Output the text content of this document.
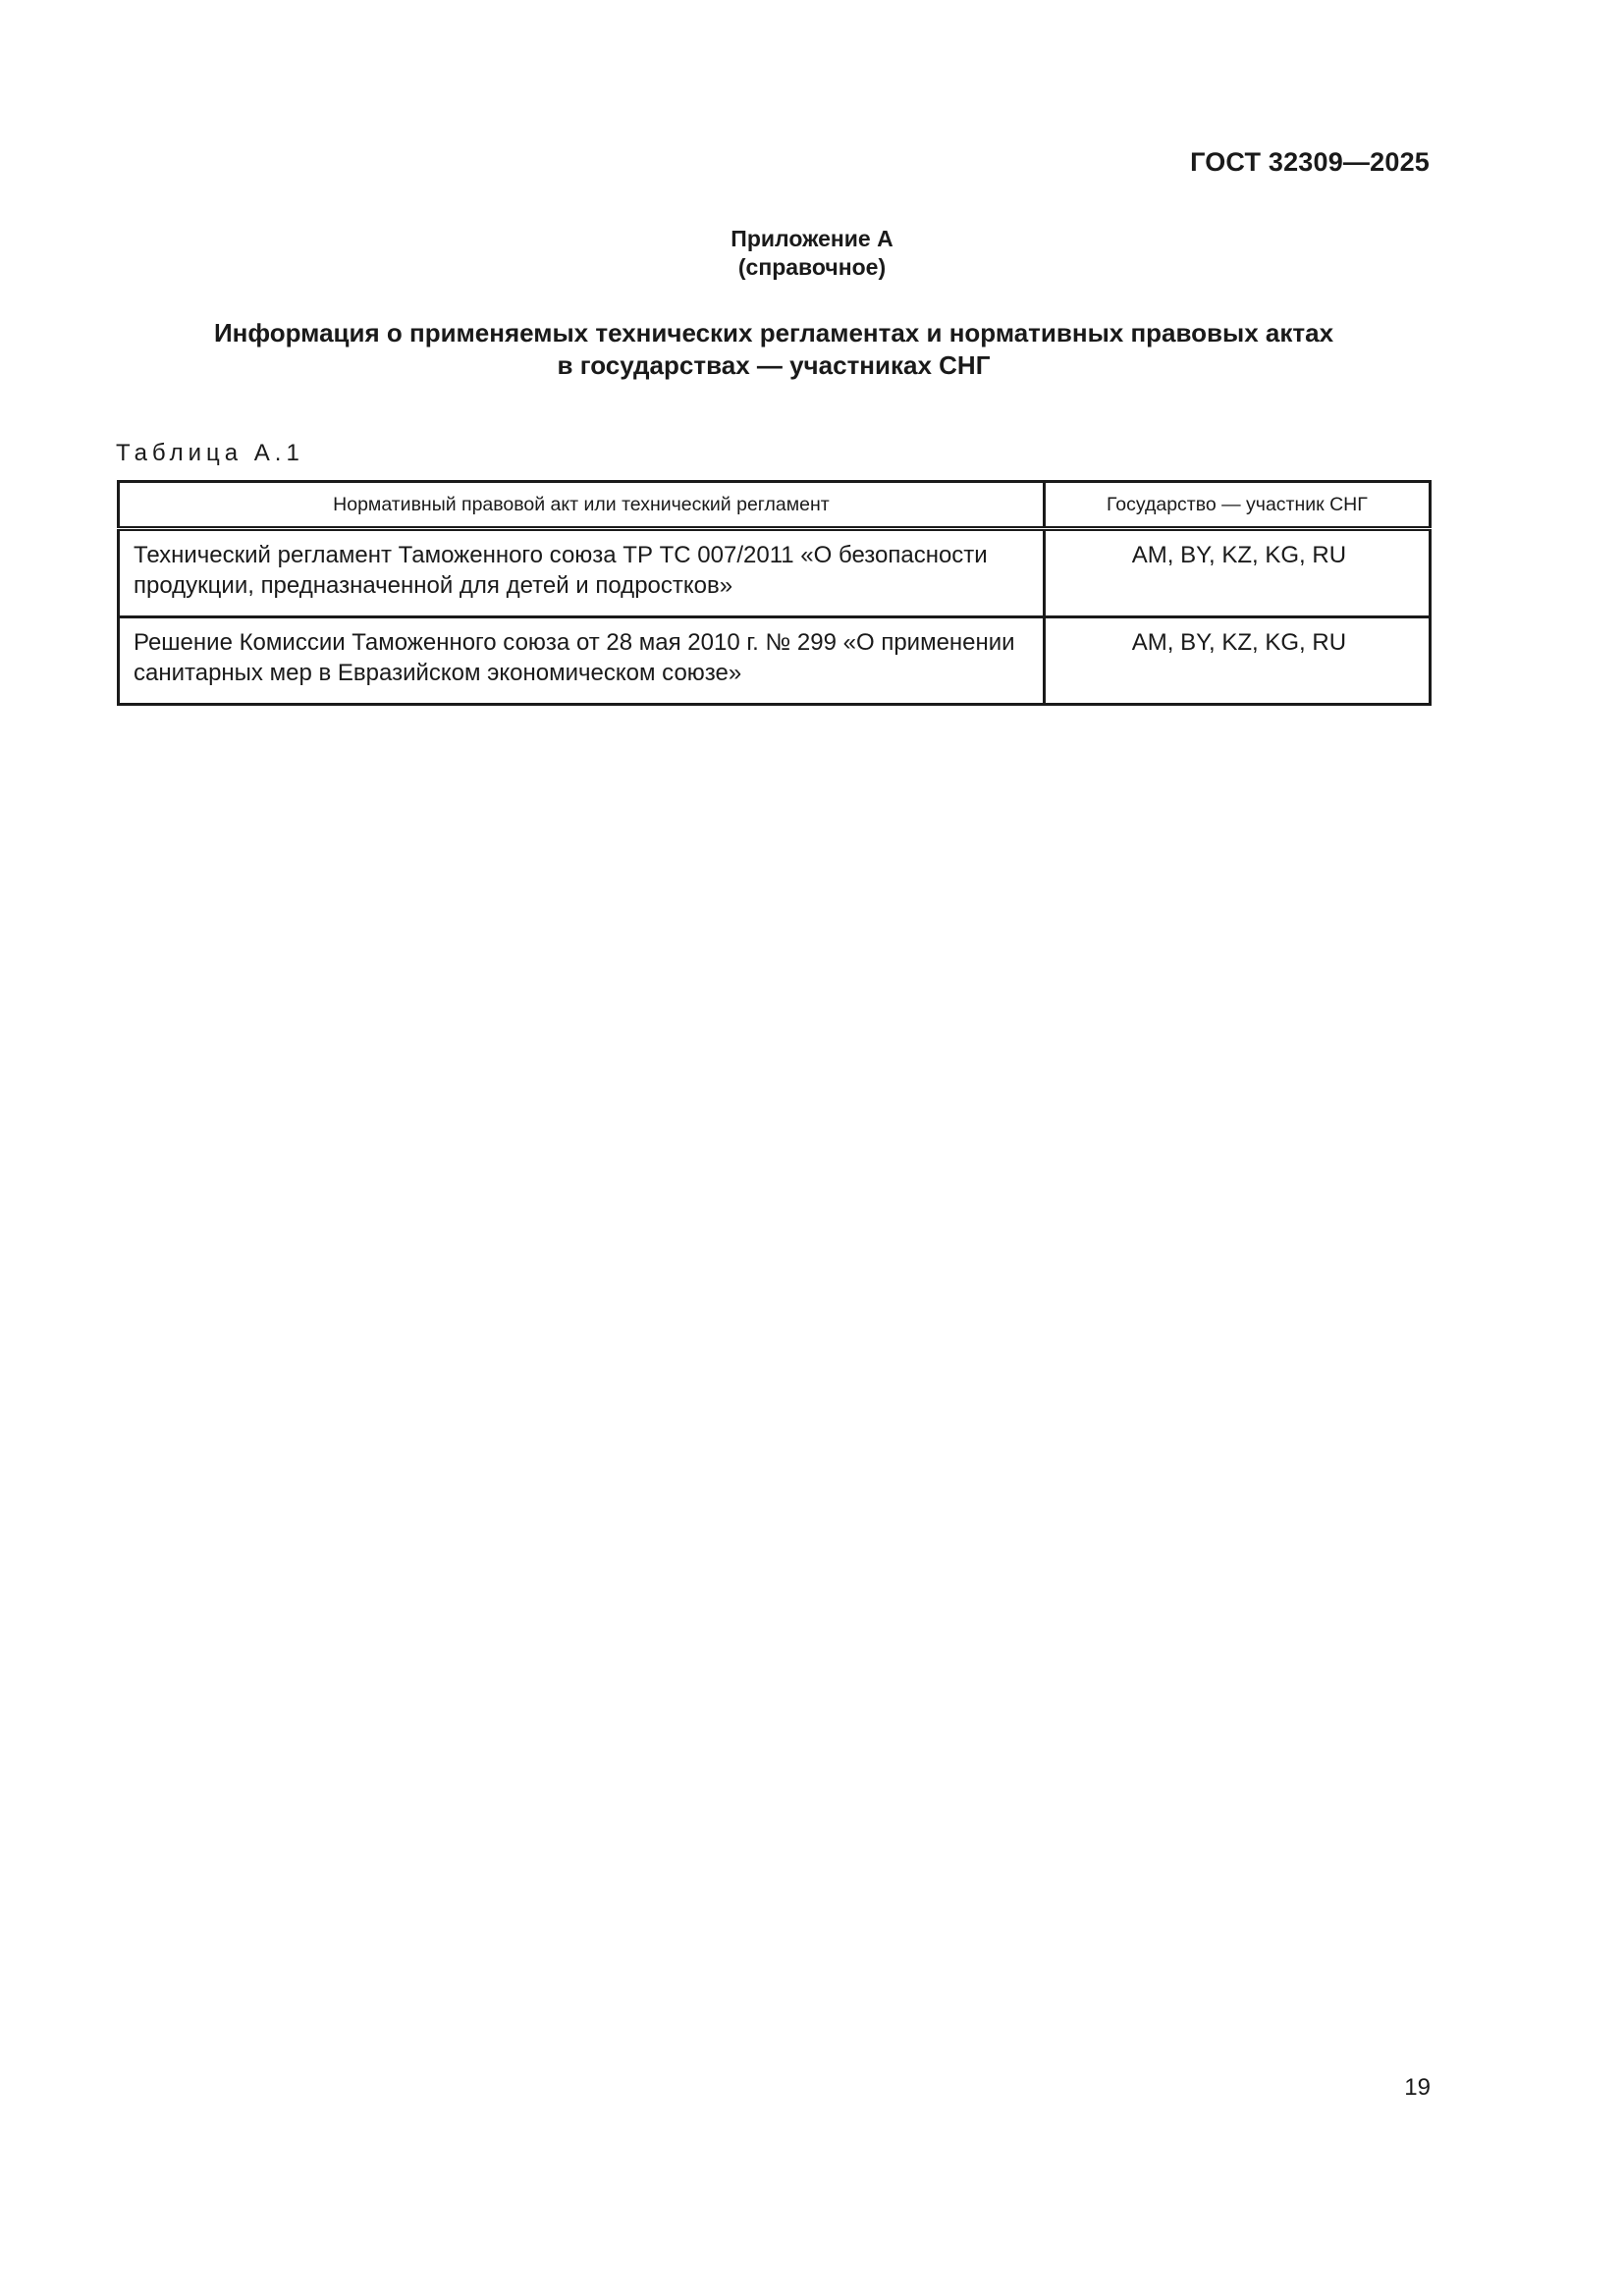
ГОСТ 32309—2025
Приложение А
(справочное)
Информация о применяемых технических регламентах и нормативных правовых актах
в государствах — участниках СНГ
Таблица А.1
Нормативный правовой акт или технический регламент	Государство — участник СНГ
Технический регламент Таможенного союза ТР ТС 007/2011 «О безопасности продукции, предназначенной для детей и подростков»	AM, BY, KZ, KG, RU
Решение Комиссии Таможенного союза от 28 мая 2010 г. № 299 «О применении санитарных мер в Евразийском экономическом союзе»	AM, BY, KZ, KG, RU
19
